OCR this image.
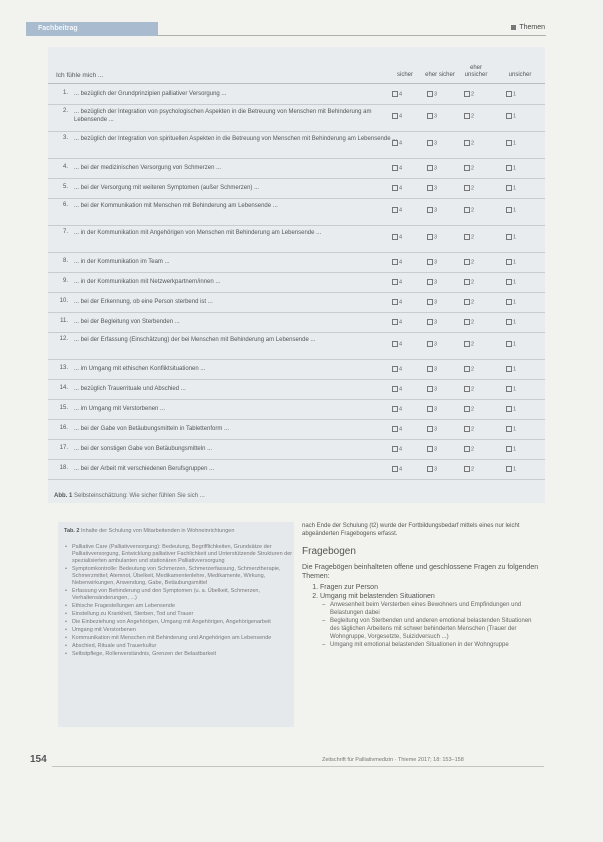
Fachbeitrag	Themen
Ich fühle mich ...	sicher	eher sicher
eher unsicher	unsicher
1. ... bezüglich der Grundprinzipien palliativer Versorgung ...	4	3	2	1
2. ... bezüglich der Integration von psychologischen Aspekten in die Betreuung von Menschen mit Behinderung am Lebensende ...
4	3	2	1
3. ... bezüglich der Integration von spirituellen Aspekten in die Betreuung von Menschen mit Behinderung am Lebensende ...
4	3	2	1
4. ... bei der medizinischen Versorgung von Schmerzen ...	4	3	2	1
5. ... bei der Versorgung mit weiteren Symptomen (außer Schmerzen) ...	4	3	2	1
6. ... bei der Kommunikation mit Menschen mit Behinderung am Lebensende ...
4	3	2	1
7. ... in der Kommunikation mit Angehörigen von Menschen mit Behinderung am Lebensende ...
4	3	2	1
8. ... in der Kommunikation im Team ...	4	3	2	1
9. ... in der Kommunikation mit Netzwerkpartnern/innen ...	4	3	2	1
10. ... bei der Erkennung, ob eine Person sterbend ist ...	4	3	2	1
11. ... bei der Begleitung von Sterbenden ...	4	3	2	1
12. ... bei der Erfassung (Einschätzung) der bei Menschen mit Behinderung am Lebensende ...
4	3	2	1
13. ... im Umgang mit ethischen Konfliktsituationen ...	4	3	2	1
14. ... bezüglich Trauerrituale und Abschied ...	4	3	2	1
15. ... im Umgang mit Verstorbenen ...	4	3	2	1
16. ... bei der Gabe von Betäubungsmitteln in Tablettenform ...	4	3	2	1
17. ... bei der sonstigen Gabe von Betäubungsmitteln ...	4	3	2	1
18. ... bei der Arbeit mit verschiedenen Berufsgruppen ...	4	3	2	1
Abb. 1 Selbsteinschätzung: Wie sicher fühlen Sie sich ...
Tab. 2 Inhalte der Schulung von Mitarbeitenden in Wohneinrichtungen
• Palliative Care (Palliativversorgung): Bedeutung, Begrifflichkeiten, Grundsätze der Palliativversorgung, Entwicklung palliativer Fachlichkeit und Unterstützende Strukturen der spezialisierten ambulanten und stationären Palliativversorgung
• Symptomkontrolle: Bedeutung von Schmerzen, Schmerzerfassung, Schmerztherapie, Schmerzmittel; Atemnot, Übelkeit, Medikamentenlehre, Medikamente, Wirkung, Nebenwirkungen, Anwendung, Gabe, Betäubungsmittel
• Erfassung von Behinderung und den Symptomen (u. a. Übelkeit, Schmerzen, Verhaltensänderungen, ...)
• Ethische Fragestellungen am Lebensende
• Einstellung zu Krankheit, Sterben, Tod und Trauer
• Die Einbeziehung von Angehörigen, Umgang mit Angehörigen, Angehörigenarbeit
• Umgang mit Verstorbenen
• Kommunikation mit Menschen mit Behinderung und Angehörigen am Lebensende
• Abschied, Rituale und Trauerkultur
• Selbstpflege, Rollenverständnis, Grenzen der Belastbarkeit
nach Ende der Schulung (t2) wurde der Fortbildungsbedarf mittels eines nur leicht abgeänderten Fragebogens erfasst.
Fragebogen
Die Fragebögen beinhalteten offene und geschlossene Fragen zu folgenden Themen:
1. Fragen zur Person
2. Umgang mit belastenden Situationen
– Anwesenheit beim Versterben eines Bewohners und Empfindungen und Belastungen dabei
– Begleitung von Sterbenden und anderen emotional belastenden Situationen des täglichen Arbeitens mit schwer behinderten Menschen (Trauer der Wohngruppe, Vorgesetzte, Suizidversuch ...)
– Umgang mit emotional belastenden Situationen in der Wohngruppe
154	Zeitschrift für Palliativmedizin · Thieme 2017; 18: 153–158
